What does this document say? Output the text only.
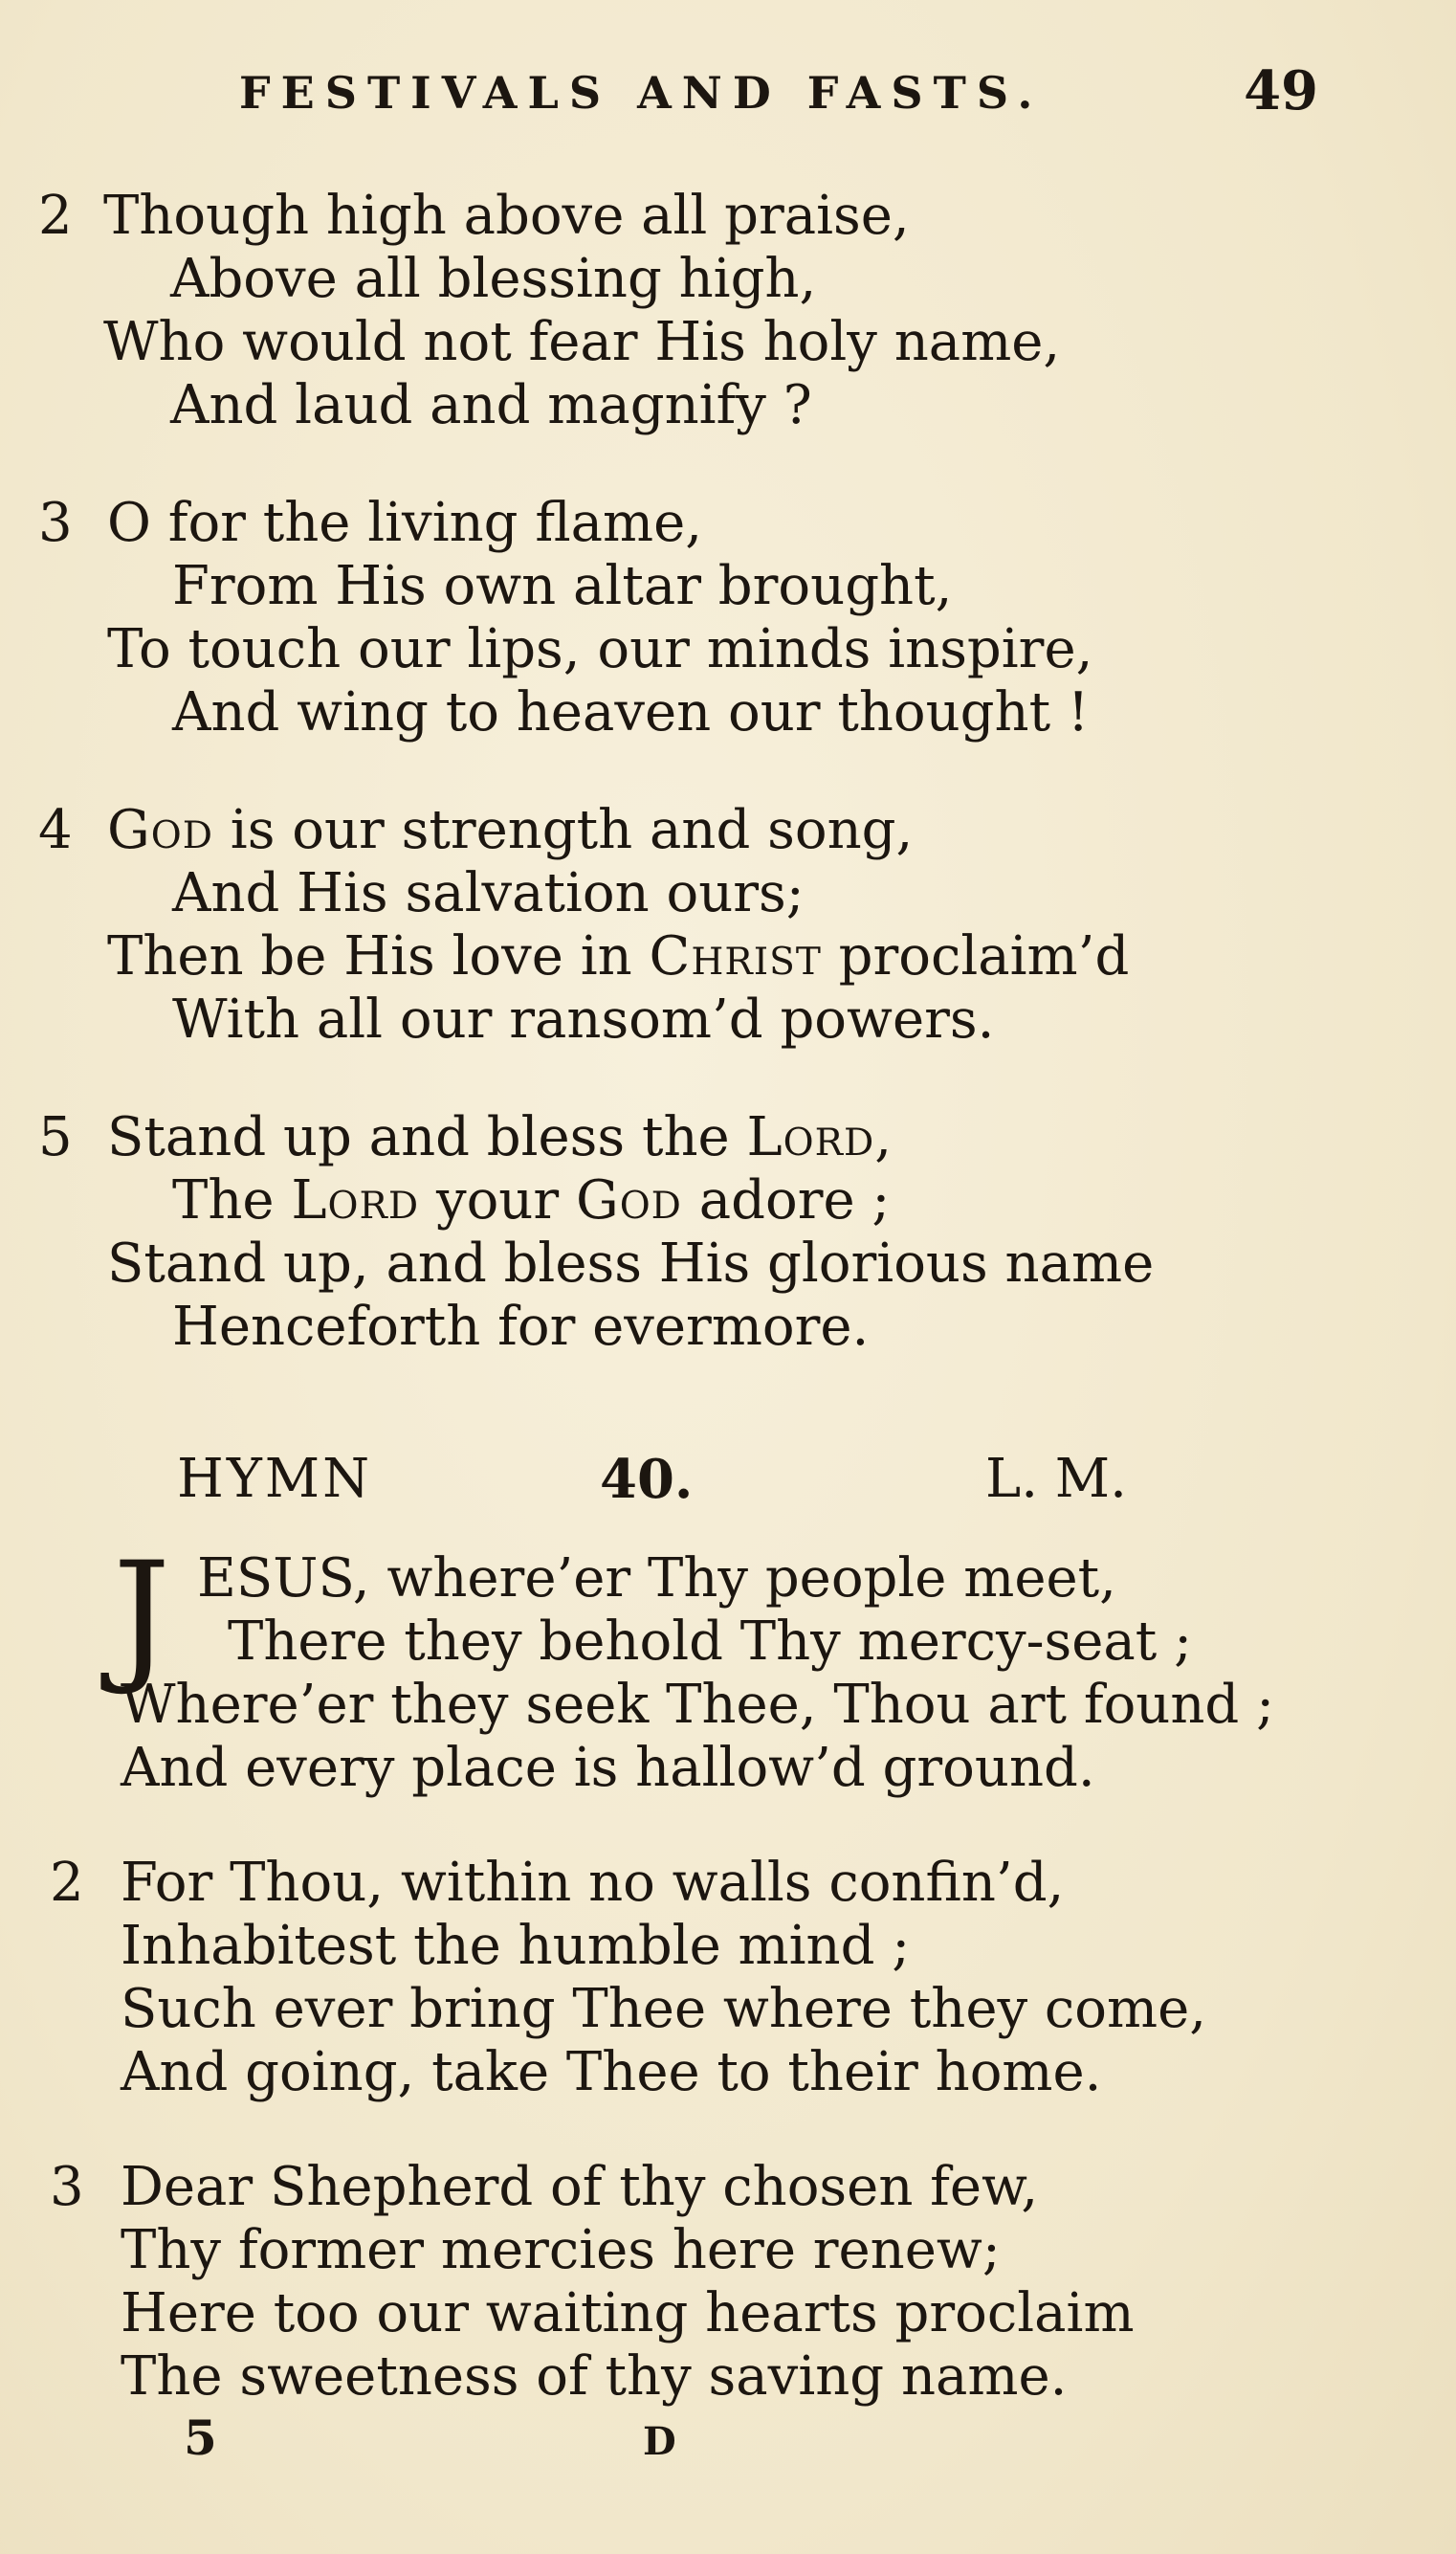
FESTIVALS AND FASTS.	49
2 Though high above all praise,
Above all blessing high,
Who would not fear His holy name,
And laud and magnify ?
3 O for the living flame,
From His own altar brought,
To touch our lips, our minds inspire,
And wing to heaven our thought !
4 God is our strength and song,
And His salvation ours;
Then be His love in Christ proclaim’d
With all our ransom’d powers.
5 Stand up and bless the Lord,
The Lord your God adore ;
Stand up, and bless His glorious name
Henceforth for evermore.
HYMN	40.	L. M.
J ESUS, where’er Thy people meet,
There they behold Thy mercy-seat ;
Where’er they seek Thee, Thou art found ;
And every place is hallow’d ground.
2 For Thou, within no walls confin’d,
Inhabitest the humble mind ;
Such ever bring Thee where they come,
And going, take Thee to their home.
3 Dear Shepherd of thy chosen few,
Thy former mercies here renew;
Here too our waiting hearts proclaim
The sweetness of thy saving name.
5	D
